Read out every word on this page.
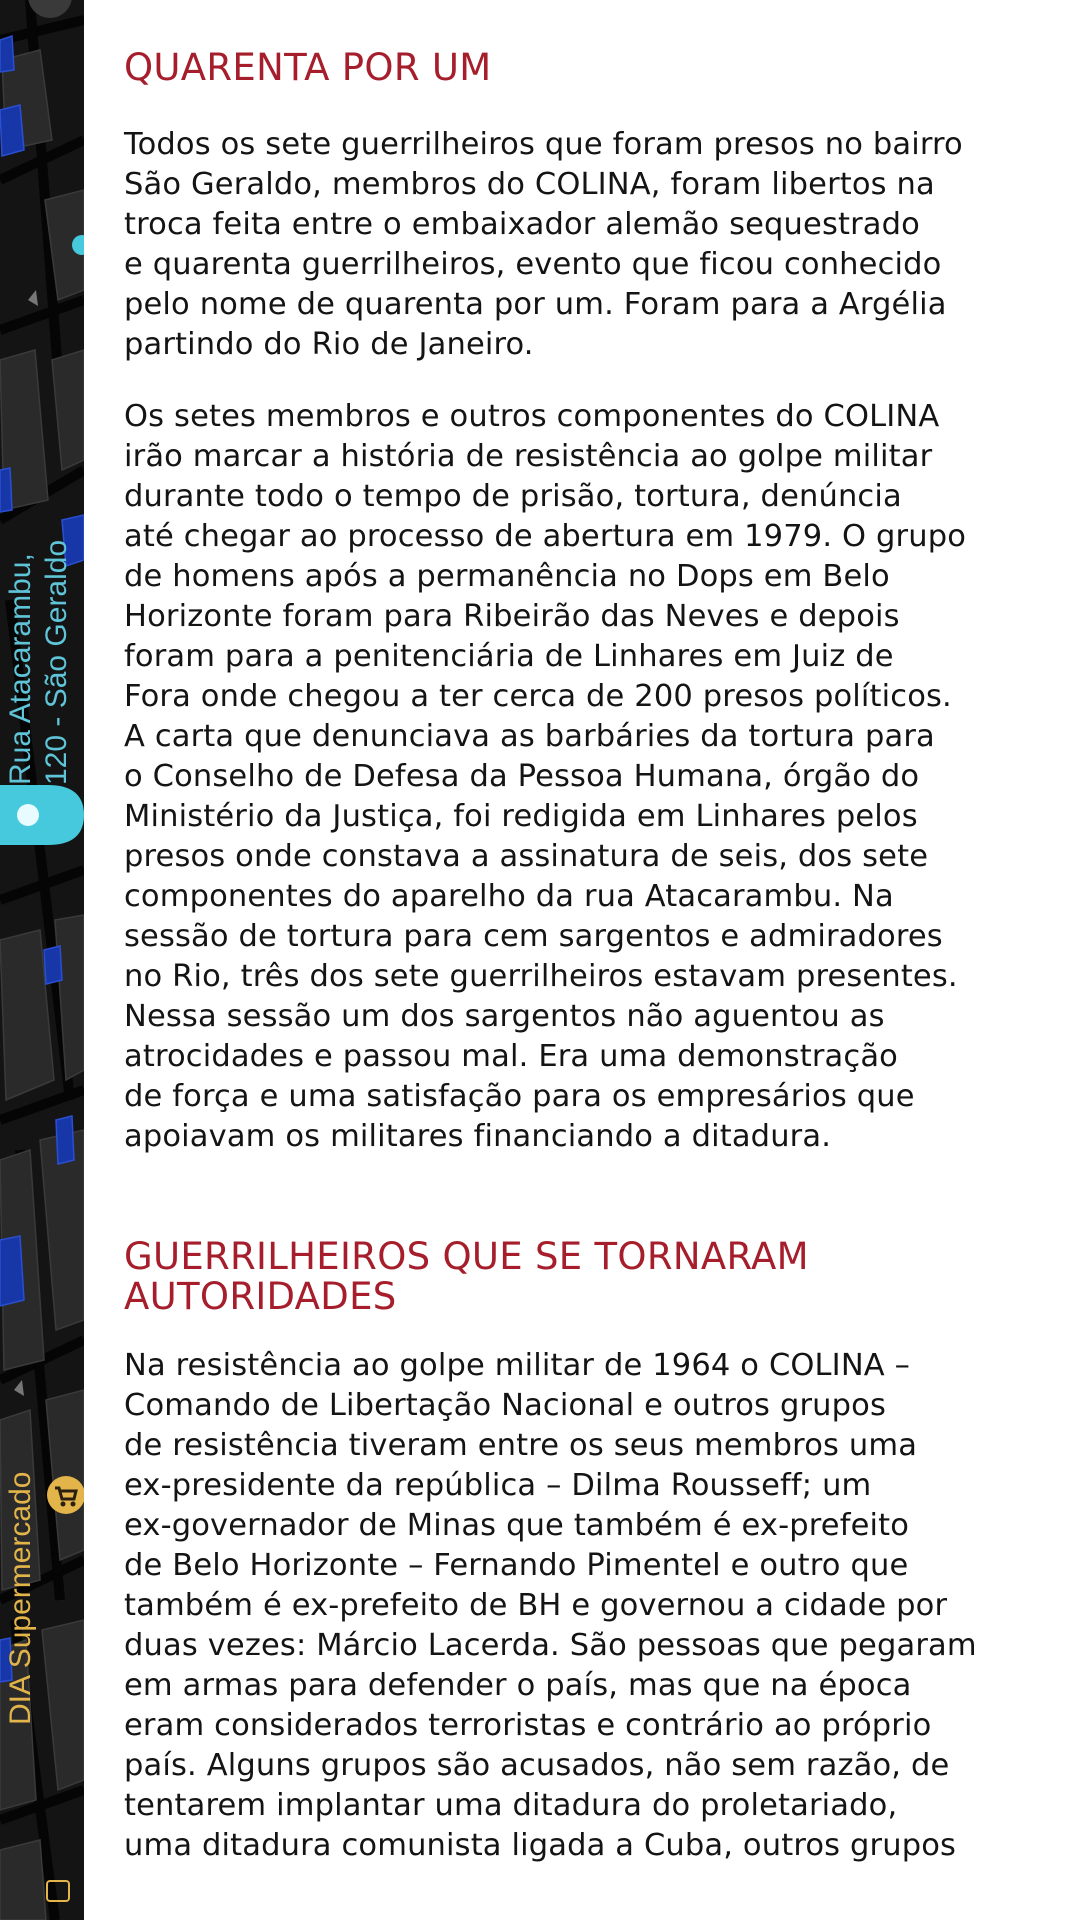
Rua Atacarambu, 120 - São Geraldo
DIA Supermercado
QUARENTA POR UM
Todos os sete guerrilheiros que foram presos no bairro
São Geraldo, membros do COLINA, foram libertos na
troca feita entre o embaixador alemão sequestrado
e quarenta guerrilheiros, evento que ficou conhecido
pelo nome de quarenta por um. Foram para a Argélia
partindo do Rio de Janeiro.
Os setes membros e outros componentes do COLINA
irão marcar a história de resistência ao golpe militar
durante todo o tempo de prisão, tortura, denúncia
até chegar ao processo de abertura em 1979. O grupo
de homens após a permanência no Dops em Belo
Horizonte foram para Ribeirão das Neves e depois
foram para a penitenciária de Linhares em Juiz de
Fora onde chegou a ter cerca de 200 presos políticos.
A carta que denunciava as barbáries da tortura para
o Conselho de Defesa da Pessoa Humana, órgão do
Ministério da Justiça, foi redigida em Linhares pelos
presos onde constava a assinatura de seis, dos sete
componentes do aparelho da rua Atacarambu. Na
sessão de tortura para cem sargentos e admiradores
no Rio, três dos sete guerrilheiros estavam presentes.
Nessa sessão um dos sargentos não aguentou as
atrocidades e passou mal. Era uma demonstração
de força e uma satisfação para os empresários que
apoiavam os militares financiando a ditadura.
GUERRILHEIROS QUE SE TORNARAM
AUTORIDADES
Na resistência ao golpe militar de 1964 o COLINA –
Comando de Libertação Nacional e outros grupos
de resistência tiveram entre os seus membros uma
ex-presidente da república – Dilma Rousseff; um
ex-governador de Minas que também é ex-prefeito
de Belo Horizonte – Fernando Pimentel e outro que
também é ex-prefeito de BH e governou a cidade por
duas vezes: Márcio Lacerda. São pessoas que pegaram
em armas para defender o país, mas que na época
eram considerados terroristas e contrário ao próprio
país. Alguns grupos são acusados, não sem razão, de
tentarem implantar uma ditadura do proletariado,
uma ditadura comunista ligada a Cuba, outros grupos
